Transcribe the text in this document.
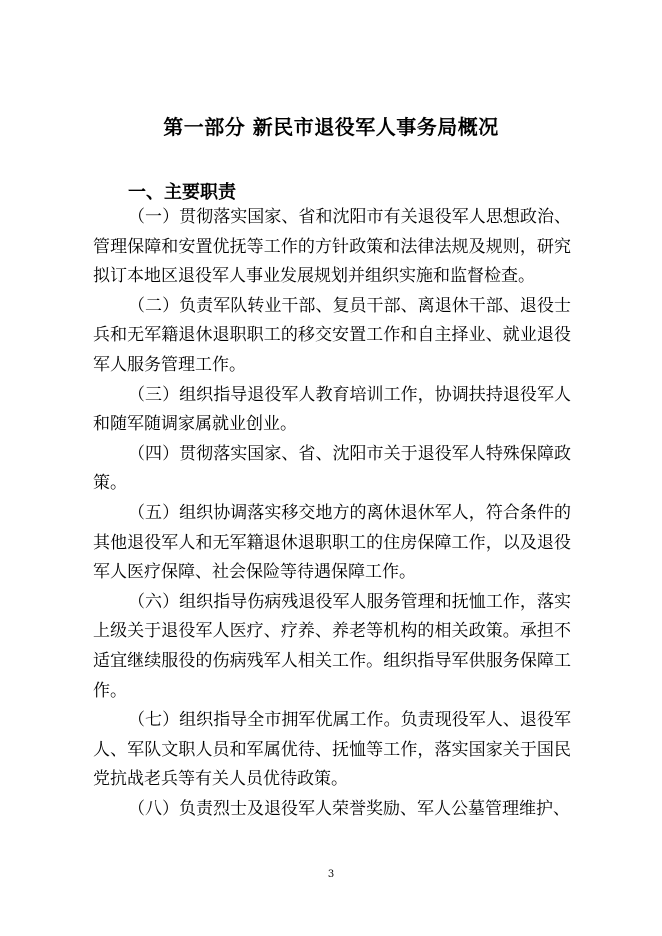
第一部分 新民市退役军人事务局概况
一、主要职责

（一）贯彻落实国家、省和沈阳市有关退役军人思想政治、管理保障和安置优抚等工作的方针政策和法律法规及规则，研究拟订本地区退役军人事业发展规划并组织实施和监督检查。

（二）负责军队转业干部、复员干部、离退休干部、退役士兵和无军籍退休退职职工的移交安置工作和自主择业、就业退役军人服务管理工作。

（三）组织指导退役军人教育培训工作，协调扶持退役军人和随军随调家属就业创业。

（四）贯彻落实国家、省、沈阳市关于退役军人特殊保障政策。

（五）组织协调落实移交地方的离休退休军人，符合条件的其他退役军人和无军籍退休退职职工的住房保障工作，以及退役军人医疗保障、社会保险等待遇保障工作。

（六）组织指导伤病残退役军人服务管理和抚恤工作，落实上级关于退役军人医疗、疗养、养老等机构的相关政策。承担不适宜继续服役的伤病残军人相关工作。组织指导军供服务保障工作。

（七）组织指导全市拥军优属工作。负责现役军人、退役军人、军队文职人员和军属优待、抚恤等工作，落实国家关于国民党抗战老兵等有关人员优待政策。

（八）负责烈士及退役军人荣誉奖励、军人公墓管理维护、

3
